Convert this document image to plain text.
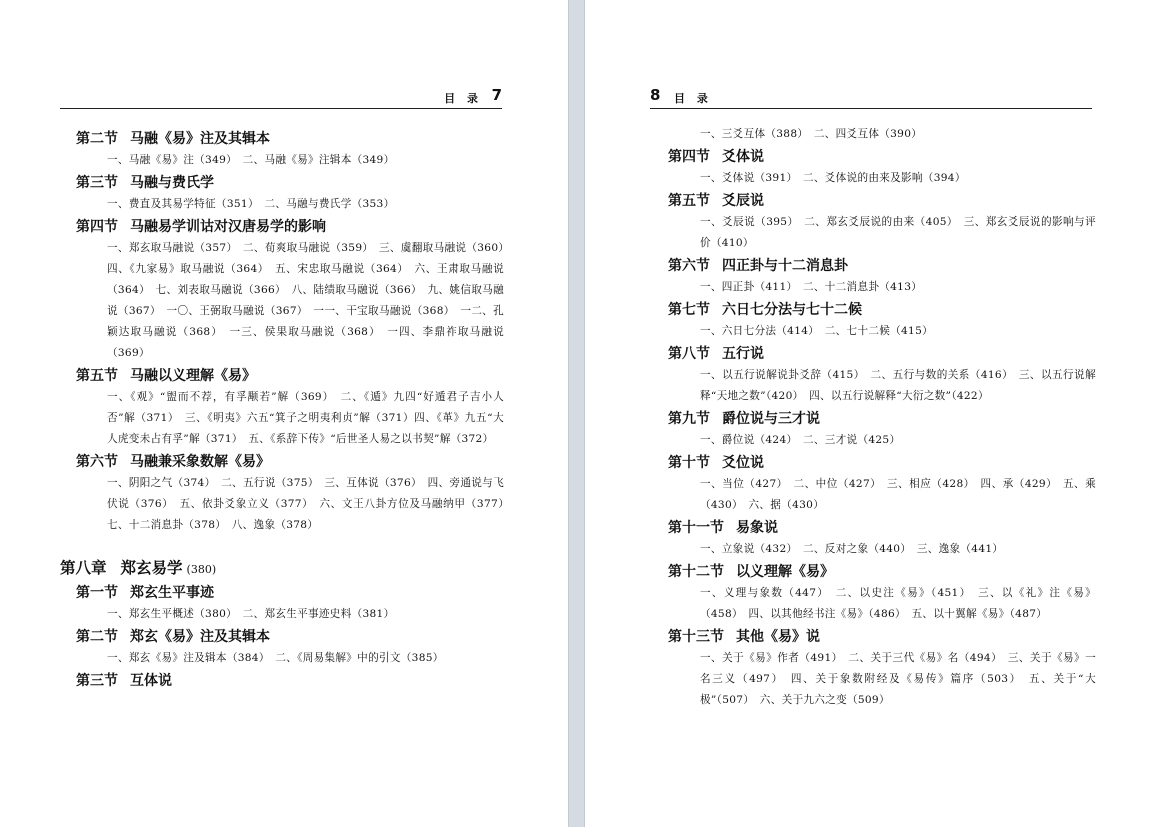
目 录 7
第二节 马融《易》注及其辑本
一、马融《易》注（349）　二、马融《易》注辑本（349）
第三节 马融与费氏学
一、费直及其易学特征（351）　二、马融与费氏学（353）
第四节 马融易学训诂对汉唐易学的影响
一、郑玄取马融说（357）　二、荀爽取马融说（359）　三、虞翻取马融说（360）　四、《九家易》取马融说（364）　五、宋忠取马融说（364）　六、王肃取马融说（364）　七、刘表取马融说（366）　八、陆绩取马融说（366）　九、姚信取马融说（367）　一〇、王弼取马融说（367）　一一、干宝取马融说（368）　一二、孔颖达取马融说（368）　一三、侯果取马融说（368）　一四、李鼎祚取马融说（369）
第五节 马融以义理解《易》
一、《观》“盥而不荐，有孚颙若”解（369）　二、《遁》九四“好遁君子吉小人否”解（371）　三、《明夷》六五“箕子之明夷利贞”解（371）四、《革》九五“大人虎变未占有孚”解（371）　五、《系辞下传》“后世圣人易之以书契”解（372）
第六节 马融兼采象数解《易》
一、阴阳之气（374）　二、五行说（375）　三、互体说（376）　四、旁通说与飞伏说（376）　五、依卦爻象立义（377）　六、文王八卦方位及马融纳甲（377）　七、十二消息卦（378）　八、逸象（378）
第八章 郑玄易学 (380)
第一节 郑玄生平事迹
一、郑玄生平概述（380）　二、郑玄生平事迹史料（381）
第二节 郑玄《易》注及其辑本
一、郑玄《易》注及辑本（384）　二、《周易集解》中的引文（385）
第三节 互体说
8 目 录
一、三爻互体（388）　二、四爻互体（390）
第四节 爻体说
一、爻体说（391）　二、爻体说的由来及影响（394）
第五节 爻辰说
一、爻辰说（395）　二、郑玄爻辰说的由来（405）　三、郑玄爻辰说的影响与评价（410）
第六节 四正卦与十二消息卦
一、四正卦（411）　二、十二消息卦（413）
第七节 六日七分法与七十二候
一、六日七分法（414）　二、七十二候（415）
第八节 五行说
一、以五行说解说卦爻辞（415）　二、五行与数的关系（416）　三、以五行说解释“天地之数”（420）　四、以五行说解释“大衍之数”（422）
第九节 爵位说与三才说
一、爵位说（424）　二、三才说（425）
第十节 爻位说
一、当位（427）　二、中位（427）　三、相应（428）　四、承（429）　五、乘（430）　六、据（430）
第十一节 易象说
一、立象说（432）　二、反对之象（440）　三、逸象（441）
第十二节 以义理解《易》
一、义理与象数（447）　二、以史注《易》（451）　三、以《礼》注《易》（458）　四、以其他经书注《易》（486）　五、以十翼解《易》（487）
第十三节 其他《易》说
一、关于《易》作者（491）　二、关于三代《易》名（494）　三、关于《易》一名三义（497）　四、关于象数附经及《易传》篇序（503）　五、关于“大极”（507）　六、关于九六之变（509）
